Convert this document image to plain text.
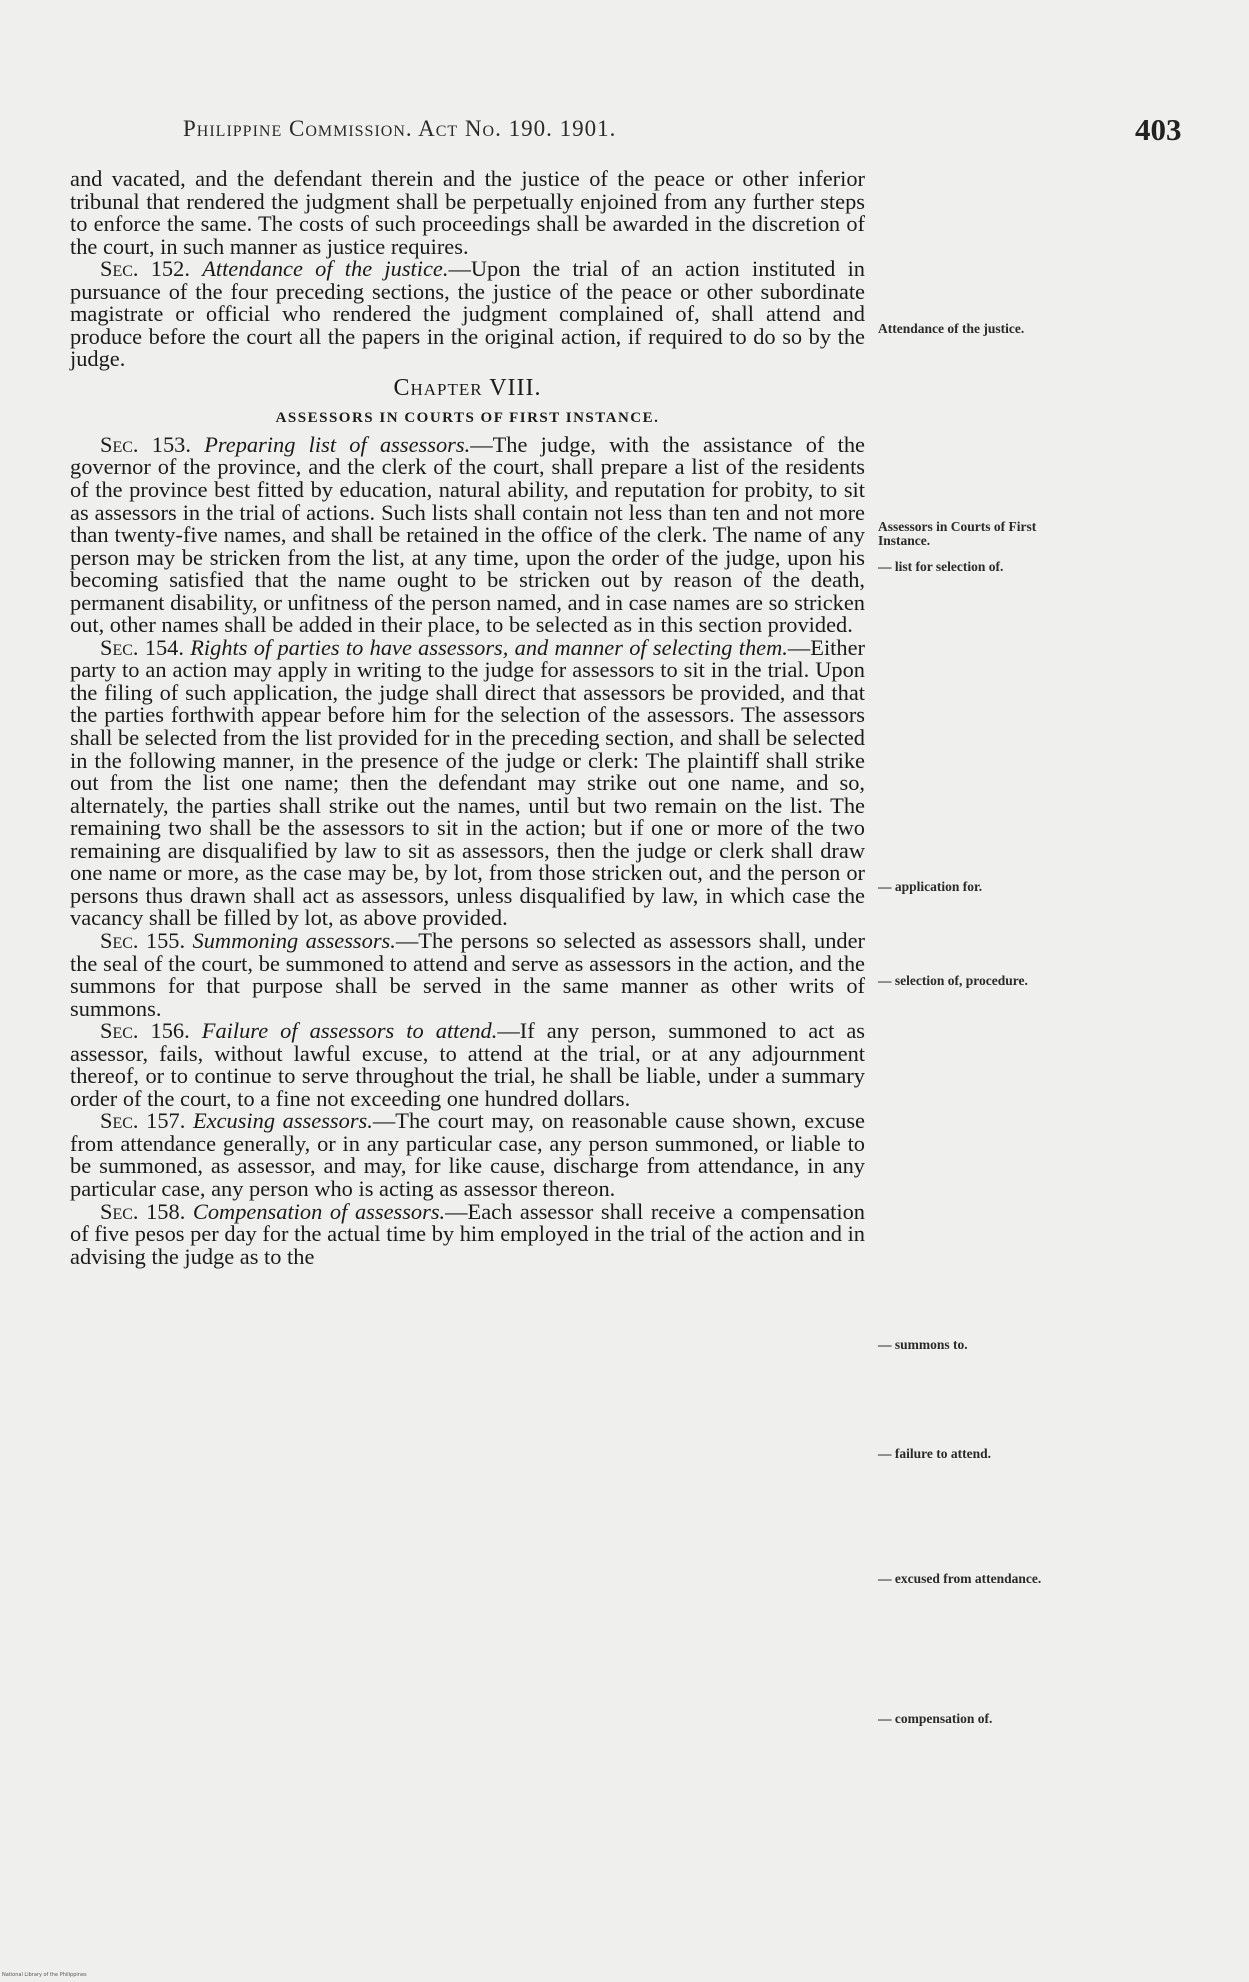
Philippine Commission. Act No. 190. 1901.	403

and vacated, and the defendant therein and the justice of the peace or other inferior tribunal that rendered the judgment shall be perpetually enjoined from any further steps to enforce the same. The costs of such proceedings shall be awarded in the discretion of the court, in such manner as justice requires.

Sec. 152. Attendance of the justice.—Upon the trial of an action instituted in pursuance of the four preceding sections, the justice of the peace or other subordinate magistrate or official who rendered the judgment complained of, shall attend and produce before the court all the papers in the original action, if required to do so by the judge.

Chapter VIII.
ASSESSORS IN COURTS OF FIRST INSTANCE.

Sec. 153. Preparing list of assessors.—The judge, with the assistance of the governor of the province, and the clerk of the court, shall prepare a list of the residents of the province best fitted by education, natural ability, and reputation for probity, to sit as assessors in the trial of actions. Such lists shall contain not less than ten and not more than twenty-five names, and shall be retained in the office of the clerk. The name of any person may be stricken from the list, at any time, upon the order of the judge, upon his becoming satisfied that the name ought to be stricken out by reason of the death, permanent disability, or unfitness of the person named, and in case names are so stricken out, other names shall be added in their place, to be selected as in this section provided.

Sec. 154. Rights of parties to have assessors, and manner of selecting them.—Either party to an action may apply in writing to the judge for assessors to sit in the trial. Upon the filing of such application, the judge shall direct that assessors be provided, and that the parties forthwith appear before him for the selection of the assessors. The assessors shall be selected from the list provided for in the preceding section, and shall be selected in the following manner, in the presence of the judge or clerk: The plaintiff shall strike out from the list one name; then the defendant may strike out one name, and so, alternately, the parties shall strike out the names, until but two remain on the list. The remaining two shall be the assessors to sit in the action; but if one or more of the two remaining are disqualified by law to sit as assessors, then the judge or clerk shall draw one name or more, as the case may be, by lot, from those stricken out, and the person or persons thus drawn shall act as assessors, unless disqualified by law, in which case the vacancy shall be filled by lot, as above provided.

Sec. 155. Summoning assessors.—The persons so selected as assessors shall, under the seal of the court, be summoned to attend and serve as assessors in the action, and the summons for that purpose shall be served in the same manner as other writs of summons.

Sec. 156. Failure of assessors to attend.—If any person, summoned to act as assessor, fails, without lawful excuse, to attend at the trial, or at any adjournment thereof, or to continue to serve throughout the trial, he shall be liable, under a summary order of the court, to a fine not exceeding one hundred dollars.

Sec. 157. Excusing assessors.—The court may, on reasonable cause shown, excuse from attendance generally, or in any particular case, any person summoned, or liable to be summoned, as assessor, and may, for like cause, discharge from attendance, in any particular case, any person who is acting as assessor thereon.

Sec. 158. Compensation of assessors.—Each assessor shall receive a compensation of five pesos per day for the actual time by him employed in the trial of the action and in advising the judge as to the

Attendance of the justice.
Assessors in Courts of First Instance.
— list for selection of.
— application for.
— selection of, procedure.
— summons to.
— failure to attend.
— excused from attendance.
— compensation of.
National Library of the Philippines
